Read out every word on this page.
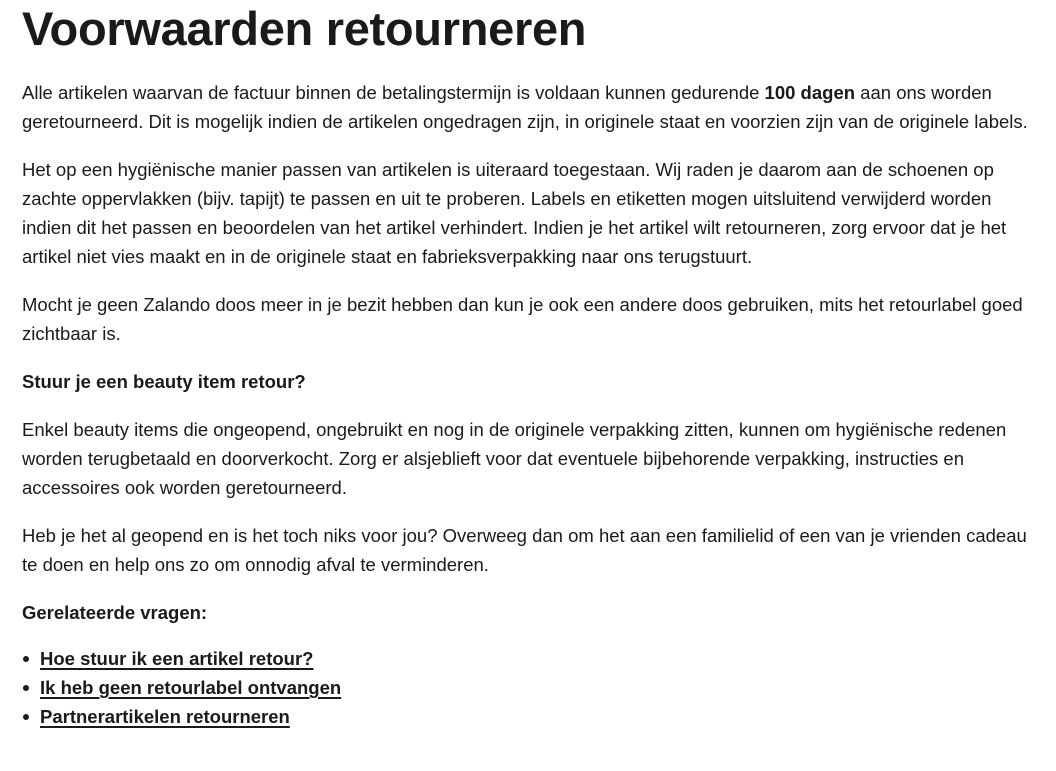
Voorwaarden retourneren

Alle artikelen waarvan de factuur binnen de betalingstermijn is voldaan kunnen gedurende 100 dagen aan ons worden geretourneerd. Dit is mogelijk indien de artikelen ongedragen zijn, in originele staat en voorzien zijn van de originele labels.

Het op een hygiënische manier passen van artikelen is uiteraard toegestaan. Wij raden je daarom aan de schoenen op zachte oppervlakken (bijv. tapijt) te passen en uit te proberen. Labels en etiketten mogen uitsluitend verwijderd worden indien dit het passen en beoordelen van het artikel verhindert. Indien je het artikel wilt retourneren, zorg ervoor dat je het artikel niet vies maakt en in de originele staat en fabrieksverpakking naar ons terugstuurt.

Mocht je geen Zalando doos meer in je bezit hebben dan kun je ook een andere doos gebruiken, mits het retourlabel goed zichtbaar is.

Stuur je een beauty item retour?

Enkel beauty items die ongeopend, ongebruikt en nog in de originele verpakking zitten, kunnen om hygiënische redenen worden terugbetaald en doorverkocht. Zorg er alsjeblieft voor dat eventuele bijbehorende verpakking, instructies en accessoires ook worden geretourneerd.

Heb je het al geopend en is het toch niks voor jou? Overweeg dan om het aan een familielid of een van je vrienden cadeau te doen en help ons zo om onnodig afval te verminderen.

Gerelateerde vragen:

Hoe stuur ik een artikel retour?
Ik heb geen retourlabel ontvangen
Partnerartikelen retourneren
